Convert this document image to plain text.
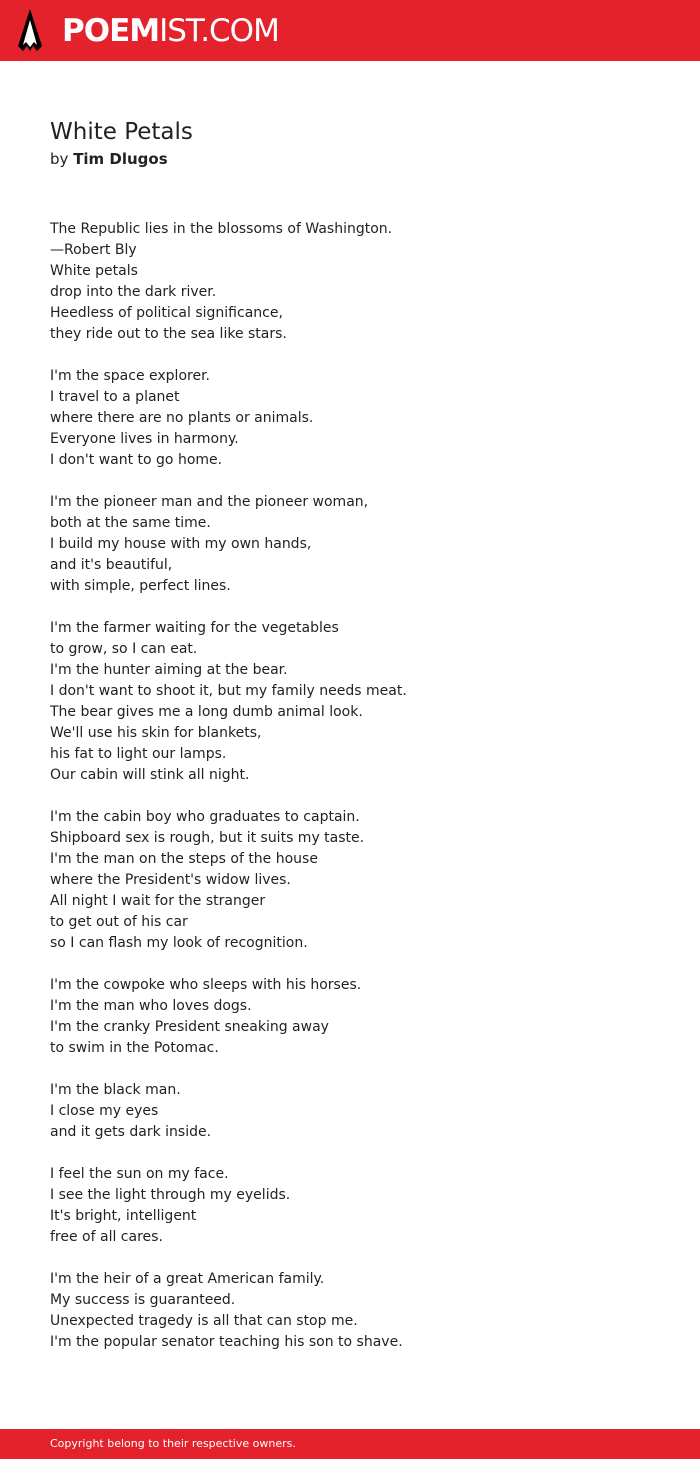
POEMIST.COM
White Petals
by Tim Dlugos
The Republic lies in the blossoms of Washington.
—Robert Bly
White petals
drop into the dark river.
Heedless of political significance,
they ride out to the sea like stars.
I'm the space explorer.
I travel to a planet
where there are no plants or animals.
Everyone lives in harmony.
I don't want to go home.
I'm the pioneer man and the pioneer woman,
both at the same time.
I build my house with my own hands,
and it's beautiful,
with simple, perfect lines.
I'm the farmer waiting for the vegetables
to grow, so I can eat.
I'm the hunter aiming at the bear.
I don't want to shoot it, but my family needs meat.
The bear gives me a long dumb animal look.
We'll use his skin for blankets,
his fat to light our lamps.
Our cabin will stink all night.
I'm the cabin boy who graduates to captain.
Shipboard sex is rough, but it suits my taste.
I'm the man on the steps of the house
where the President's widow lives.
All night I wait for the stranger
to get out of his car
so I can flash my look of recognition.
I'm the cowpoke who sleeps with his horses.
I'm the man who loves dogs.
I'm the cranky President sneaking away
to swim in the Potomac.
I'm the black man.
I close my eyes
and it gets dark inside.
I feel the sun on my face.
I see the light through my eyelids.
It's bright, intelligent
free of all cares.
I'm the heir of a great American family.
My success is guaranteed.
Unexpected tragedy is all that can stop me.
I'm the popular senator teaching his son to shave.
Copyright belong to their respective owners.
